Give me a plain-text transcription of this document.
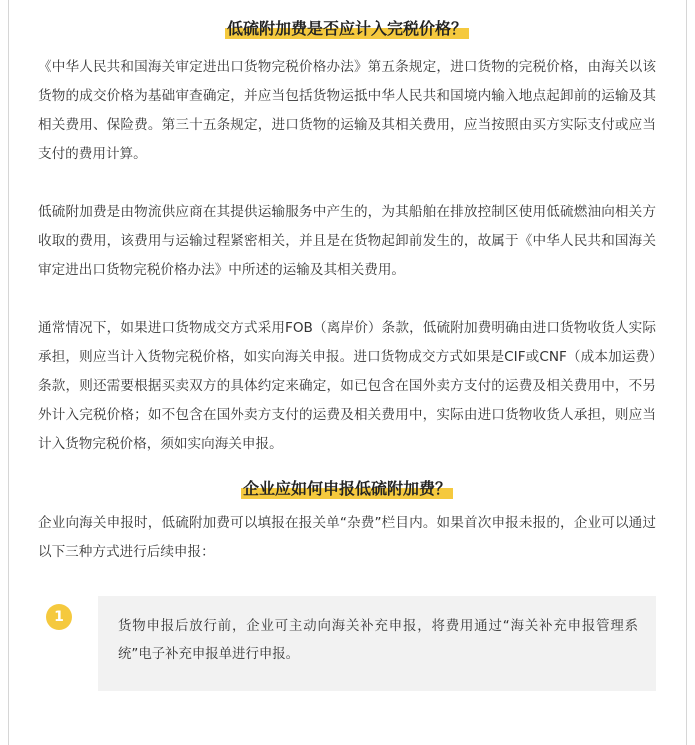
低硫附加费是否应计入完税价格？

《中华人民共和国海关审定进出口货物完税价格办法》第五条规定，进口货物的完税价格，由海关以该货物的成交价格为基础审查确定，并应当包括货物运抵中华人民共和国境内输入地点起卸前的运输及其相关费用、保险费。第三十五条规定，进口货物的运输及其相关费用，应当按照由买方实际支付或应当支付的费用计算。

低硫附加费是由物流供应商在其提供运输服务中产生的，为其船舶在排放控制区使用低硫燃油向相关方收取的费用，该费用与运输过程紧密相关，并且是在货物起卸前发生的，故属于《中华人民共和国海关审定进出口货物完税价格办法》中所述的运输及其相关费用。

通常情况下，如果进口货物成交方式采用FOB（离岸价）条款，低硫附加费明确由进口货物收货人实际承担，则应当计入货物完税价格，如实向海关申报。进口货物成交方式如果是CIF或CNF（成本加运费）条款，则还需要根据买卖双方的具体约定来确定，如已包含在国外卖方支付的运费及相关费用中，不另外计入完税价格；如不包含在国外卖方支付的运费及相关费用中，实际由进口货物收货人承担，则应当计入货物完税价格，须如实向海关申报。

企业应如何申报低硫附加费？

企业向海关申报时，低硫附加费可以填报在报关单“杂费”栏目内。如果首次申报未报的，企业可以通过以下三种方式进行后续申报：

1

货物申报后放行前，企业可主动向海关补充申报，将费用通过“海关补充申报管理系统”电子补充申报单进行申报。
